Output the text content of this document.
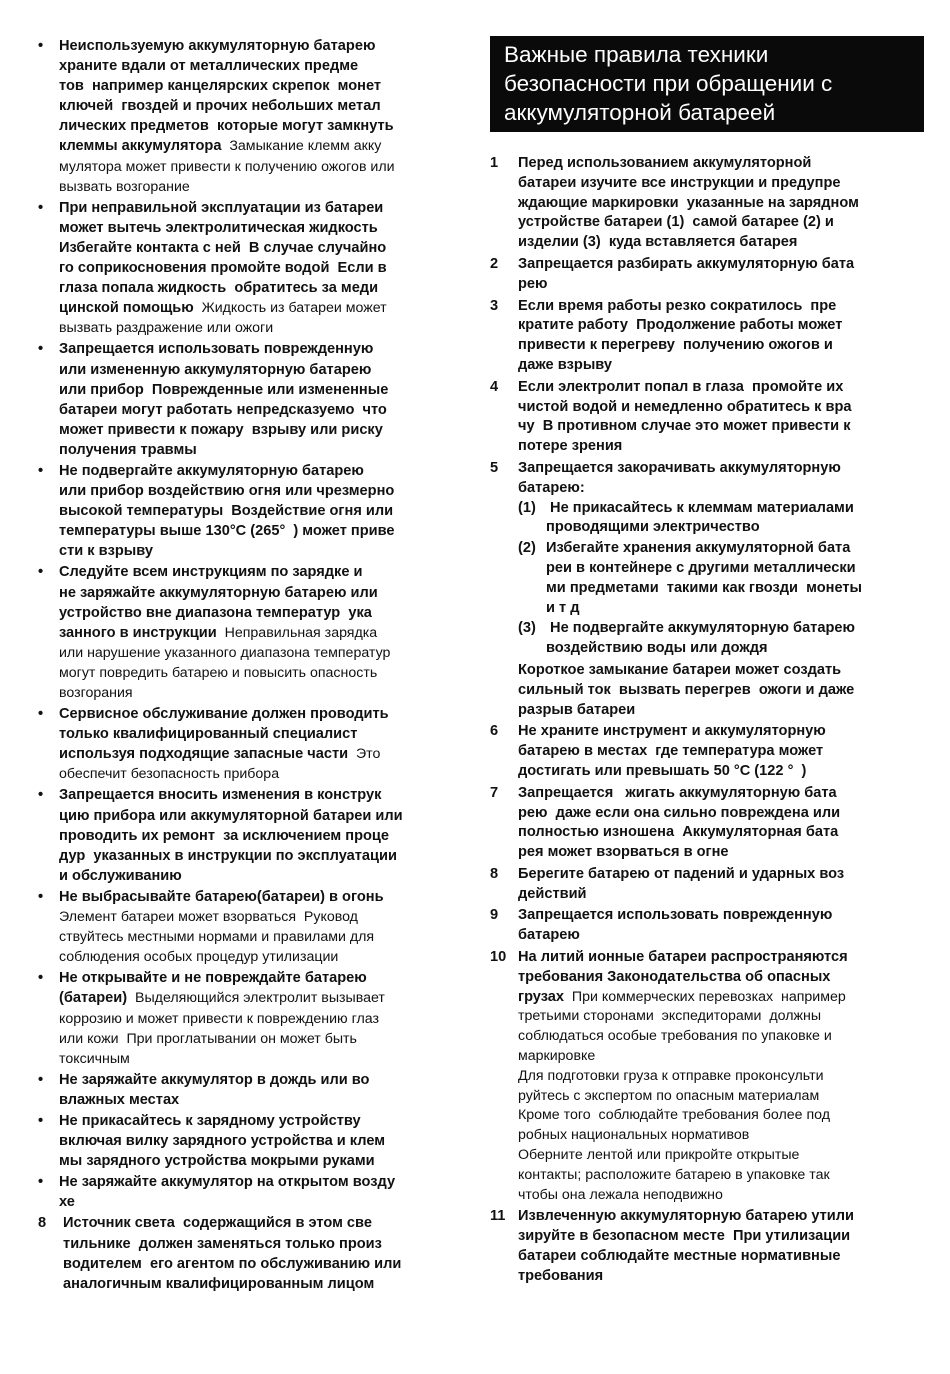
• Неиспользуемую аккумуляторную батарею
храните вдали от металлических предме
тов  например канцелярских скрепок  монет
ключей  гвоздей и прочих небольших метал
лических предметов  которые могут замкнуть
клеммы аккумулятора  Замыкание клемм акку
мулятора может привести к получению ожогов или
вызвать возгорание
• При неправильной эксплуатации из батареи
может вытечь электролитическая жидкость
Избегайте контакта с ней  В случае случайно
го соприкосновения промойте водой  Если в
глаза попала жидкость  обратитесь за меди
цинской помощью  Жидкость из батареи может
вызвать раздражение или ожоги
• Запрещается использовать поврежденную
или измененную аккумуляторную батарею
или прибор  Поврежденные или измененные
батареи могут работать непредсказуемо  что
может привести к пожару  взрыву или риску
получения травмы
• Не подвергайте аккумуляторную батарею
или прибор воздействию огня или чрезмерно
высокой температуры  Воздействие огня или
температуры выше 130°C (265°  ) может приве
сти к взрыву
• Следуйте всем инструкциям по зарядке и
не заряжайте аккумуляторную батарею или
устройство вне диапазона температур  ука
занного в инструкции  Неправильная зарядка
или нарушение указанного диапазона температур
могут повредить батарею и повысить опасность
возгорания
• Сервисное обслуживание должен проводить
только квалифицированный специалист
используя подходящие запасные части  Это
обеспечит безопасность прибора
• Запрещается вносить изменения в конструк
цию прибора или аккумуляторной батареи или
проводить их ремонт  за исключением проце
дур  указанных в инструкции по эксплуатации
и обслуживанию
• Не выбрасывайте батарею(батареи) в огонь
Элемент батареи может взорваться  Руковод
ствуйтесь местными нормами и правилами для
соблюдения особых процедур утилизации
• Не открывайте и не повреждайте батарею
(батареи)  Выделяющийся электролит вызывает
коррозию и может привести к повреждению глаз
или кожи  При проглатывании он может быть
токсичным
• Не заряжайте аккумулятор в дождь или во
влажных местах
• Не прикасайтесь к зарядному устройству
включая вилку зарядного устройства и клем
мы зарядного устройства мокрыми руками
• Не заряжайте аккумулятор на открытом возду
хе
8 Источник света  содержащийся в этом све
тильнике  должен заменяться только произ
водителем  его агентом по обслуживанию или
аналогичным квалифицированным лицом
Важные правила техники
безопасности при обращении с
аккумуляторной батареей
1 Перед использованием аккумуляторной
батареи изучите все инструкции и предупре
ждающие маркировки  указанные на зарядном
устройстве батареи (1)  самой батарее (2) и
изделии (3)  куда вставляется батарея
2 Запрещается разбирать аккумуляторную бата
рею
3 Если время работы резко сократилось  пре
кратите работу  Продолжение работы может
привести к перегреву  получению ожогов и
даже взрыву
4 Если электролит попал в глаза  промойте их
чистой водой и немедленно обратитесь к вра
чу  В противном случае это может привести к
потере зрения
5 Запрещается закорачивать аккумуляторную
батарею:
(1) Не прикасайтесь к клеммам материалами
проводящими электричество
(2) Избегайте хранения аккумуляторной бата
реи в контейнере с другими металлически
ми предметами  такими как гвозди  монеты
и т д
(3) Не подвергайте аккумуляторную батарею
воздействию воды или дождя
Короткое замыкание батареи может создать
сильный ток  вызвать перегрев  ожоги и даже
разрыв батареи
6 Не храните инструмент и аккумуляторную
батарею в местах  где температура может
достигать или превышать 50 °C (122 °  )
7 Запрещается   жигать аккумуляторную бата
рею  даже если она сильно повреждена или
полностью изношена  Аккумуляторная бата
рея может взорваться в огне
8 Берегите батарею от падений и ударных воз
действий
9 Запрещается использовать поврежденную
батарею
10 На литий ионные батареи распространяются
требования Законодательства об опасных
грузах  При коммерческих перевозках  например
третьими сторонами  экспедиторами  должны
соблюдаться особые требования по упаковке и
маркировке
Для подготовки груза к отправке проконсульти
руйтесь с экспертом по опасным материалам
Кроме того  соблюдайте требования более под
робных национальных нормативов
Оберните лентой или прикройте открытые
контакты; расположите батарею в упаковке так
чтобы она лежала неподвижно
11 Извлеченную аккумуляторную батарею утили
зируйте в безопасном месте  При утилизации
батареи соблюдайте местные нормативные
требования
